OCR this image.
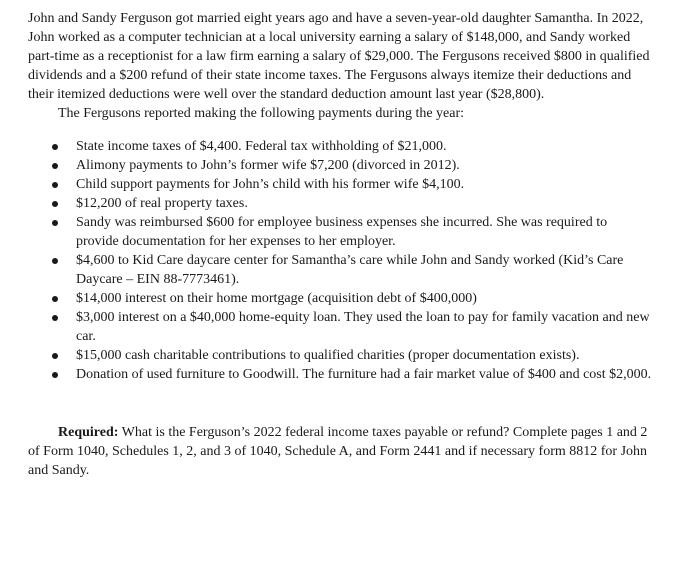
John and Sandy Ferguson got married eight years ago and have a seven-year-old daughter Samantha. In 2022, John worked as a computer technician at a local university earning a salary of $148,000, and Sandy worked part-time as a receptionist for a law firm earning a salary of $29,000. The Fergusons received $800 in qualified dividends and a $200 refund of their state income taxes. The Fergusons always itemize their deductions and their itemized deductions were well over the standard deduction amount last year ($28,800).

The Fergusons reported making the following payments during the year:

State income taxes of $4,400. Federal tax withholding of $21,000.
Alimony payments to John’s former wife $7,200 (divorced in 2012).
Child support payments for John’s child with his former wife $4,100.
$12,200 of real property taxes.
Sandy was reimbursed $600 for employee business expenses she incurred. She was required to provide documentation for her expenses to her employer.
$4,600 to Kid Care daycare center for Samantha’s care while John and Sandy worked (Kid’s Care Daycare – EIN 88-7773461).
$14,000 interest on their home mortgage (acquisition debt of $400,000)
$3,000 interest on a $40,000 home-equity loan. They used the loan to pay for family vacation and new car.
$15,000 cash charitable contributions to qualified charities (proper documentation exists).
Donation of used furniture to Goodwill. The furniture had a fair market value of $400 and cost $2,000.

Required: What is the Ferguson’s 2022 federal income taxes payable or refund? Complete pages 1 and 2 of Form 1040, Schedules 1, 2, and 3 of 1040, Schedule A, and Form 2441 and if necessary form 8812 for John and Sandy.
